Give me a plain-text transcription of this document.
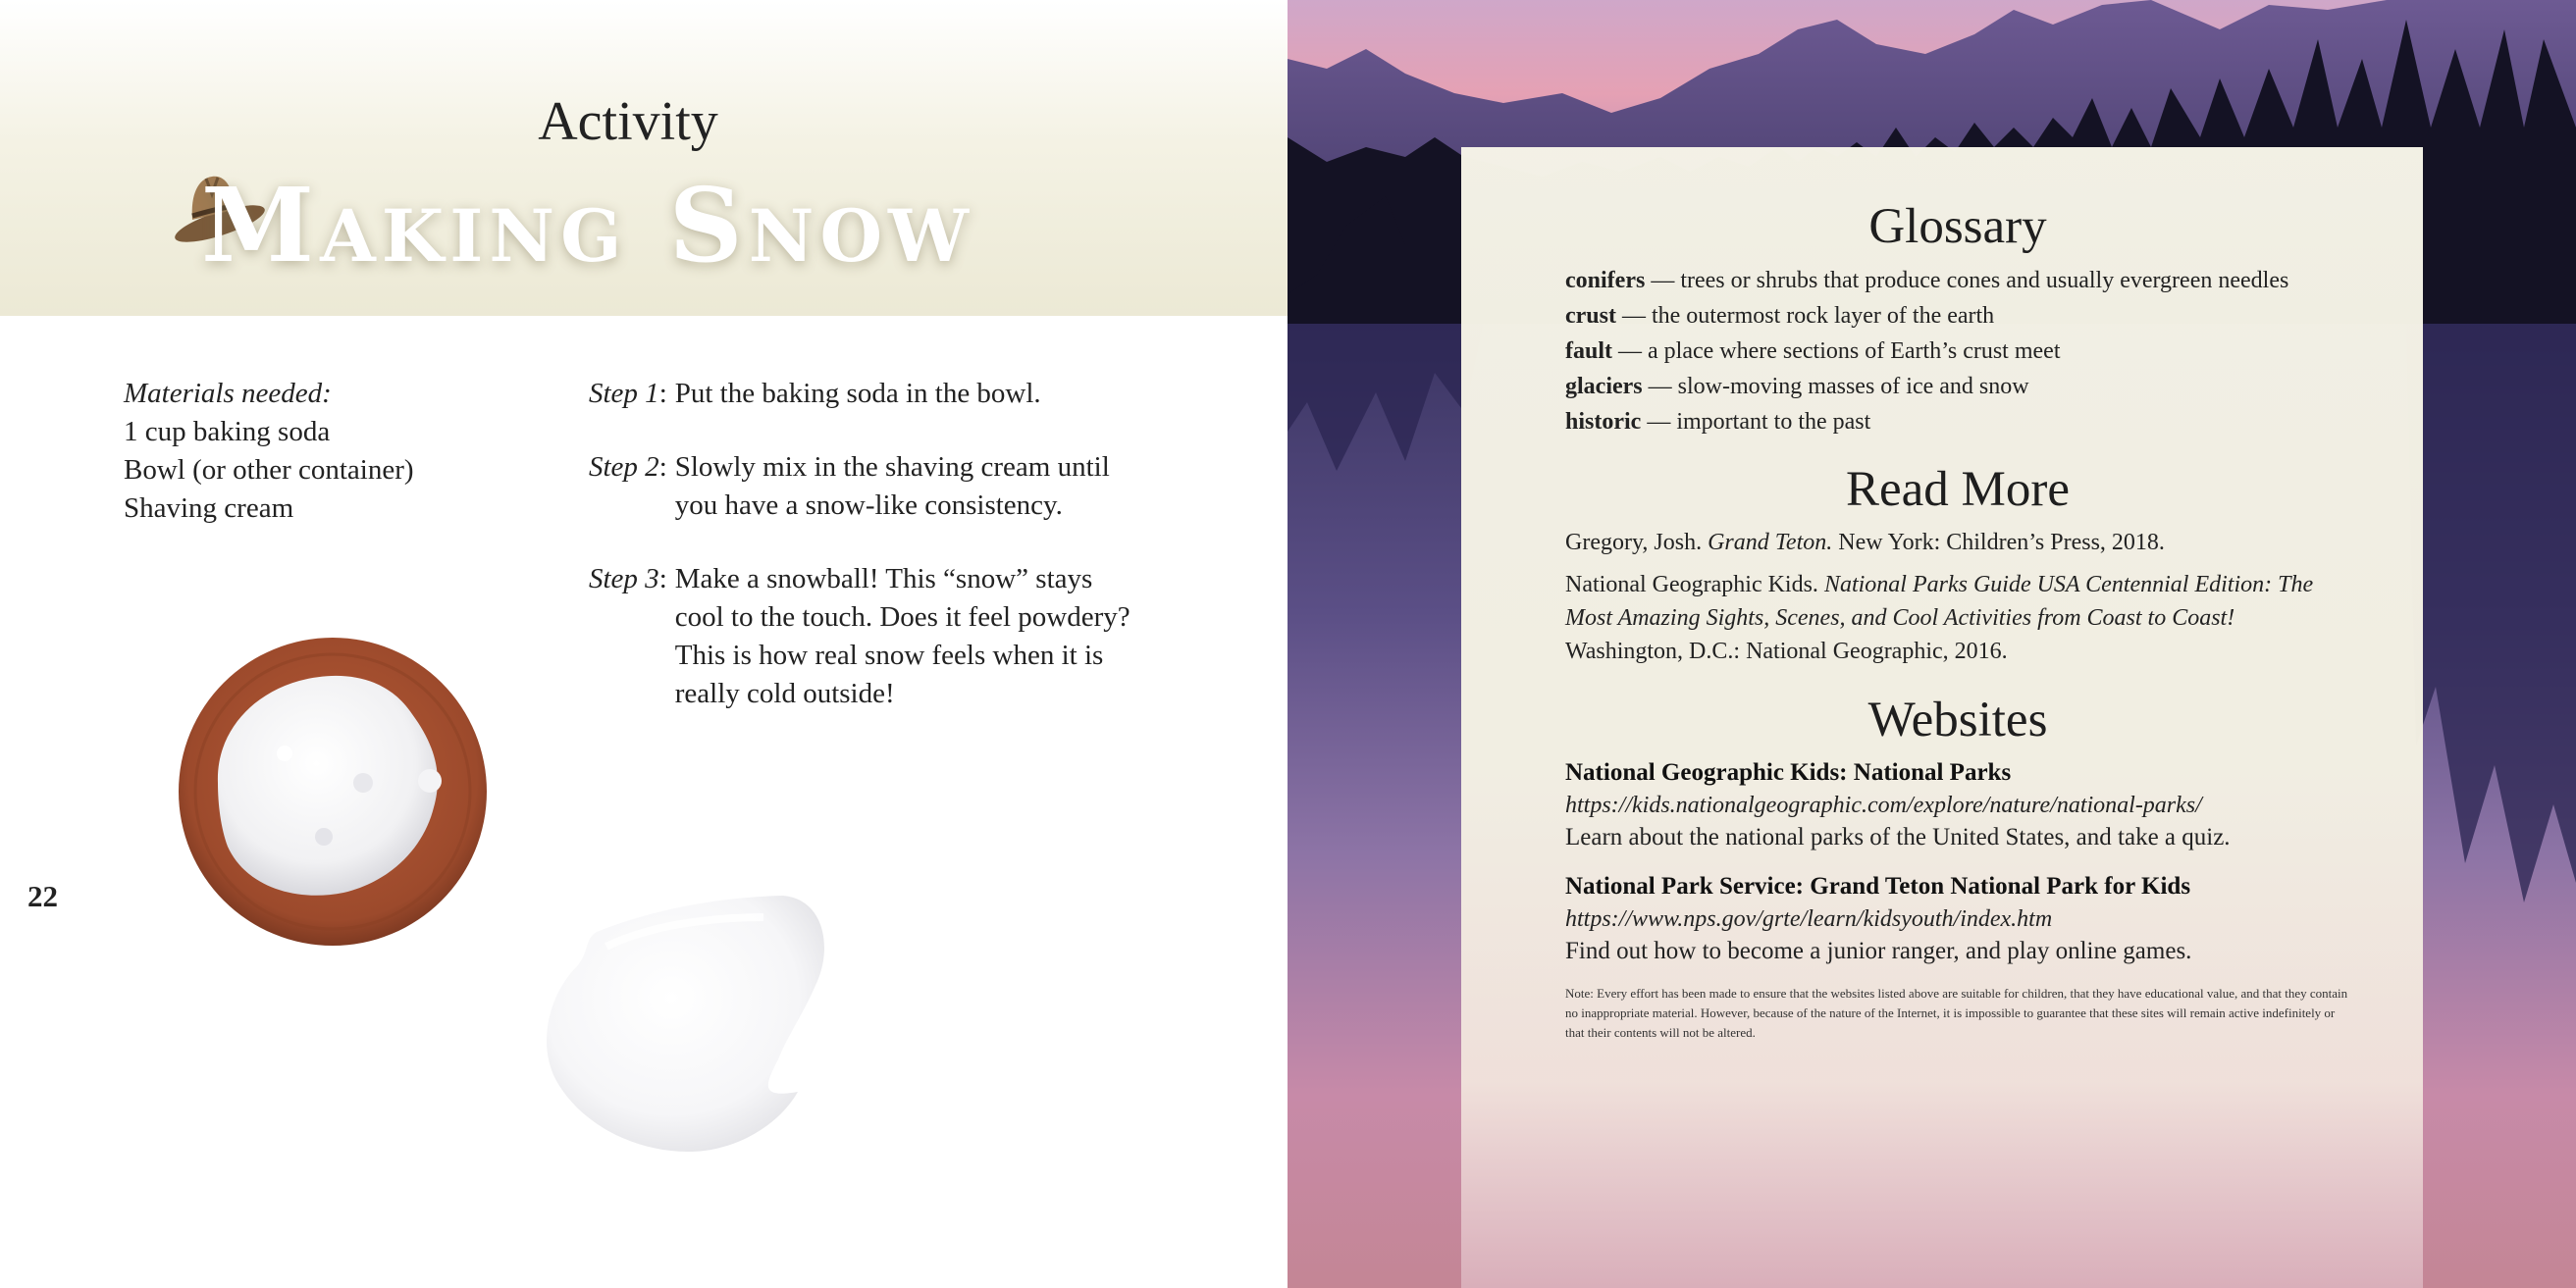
Activity
Making Snow
Materials needed:
1 cup baking soda
Bowl (or other container)
Shaving cream
Step 1 : Put the baking soda in the bowl.
Step 2 : Slowly mix in the shaving cream until you have a snow-like consistency.
Step 3 : Make a snowball! This “snow” stays cool to the touch. Does it feel powdery? This is how real snow feels when it is really cold outside!
22
Glossary
conifers — trees or shrubs that produce cones and usually evergreen needles
crust — the outermost rock layer of the earth
fault — a place where sections of Earth’s crust meet
glaciers — slow-moving masses of ice and snow
historic — important to the past
Read More
Gregory, Josh. Grand Teton. New York: Children’s Press, 2018.
National Geographic Kids. National Parks Guide USA Centennial Edition: The Most Amazing Sights, Scenes, and Cool Activities from Coast to Coast! Washington, D.C.: National Geographic, 2016.
Websites
National Geographic Kids: National Parks
https://kids.nationalgeographic.com/explore/nature/national-parks/
Learn about the national parks of the United States, and take a quiz.
National Park Service: Grand Teton National Park for Kids
https://www.nps.gov/grte/learn/kidsyouth/index.htm
Find out how to become a junior ranger, and play online games.
Note: Every effort has been made to ensure that the websites listed above are suitable for children, that they have educational value, and that they contain no inappropriate material. However, because of the nature of the Internet, it is impossible to guarantee that these sites will remain active indefinitely or that their contents will not be altered.
